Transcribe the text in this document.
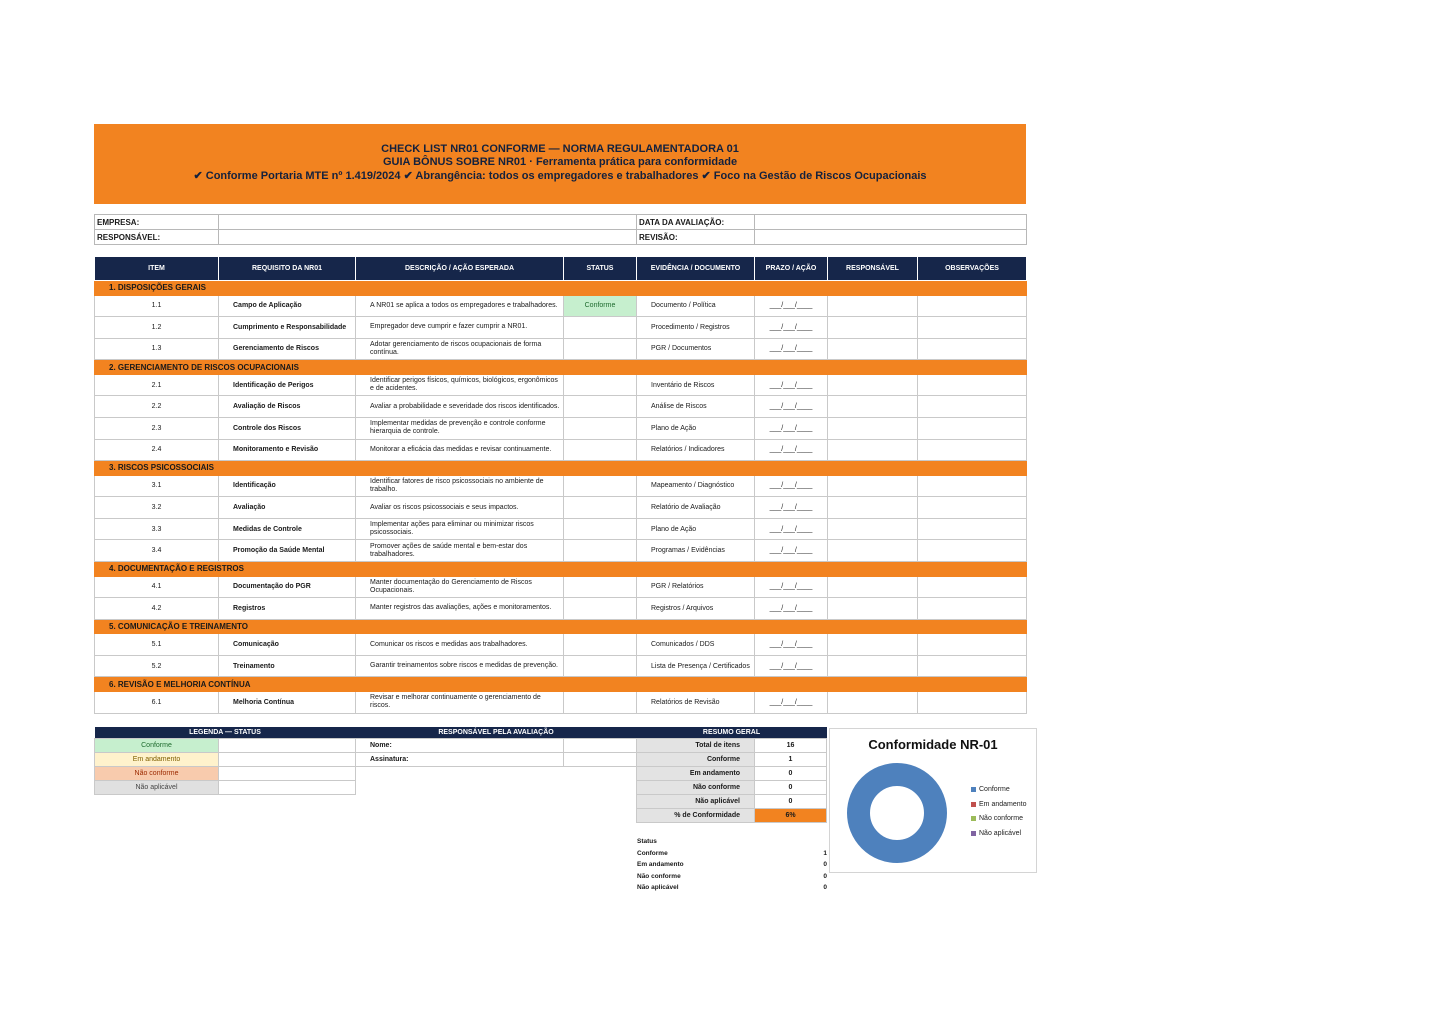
CHECK LIST NR01 CONFORME — NORMA REGULAMENTADORA 01
GUIA BÔNUS SOBRE NR01 · Ferramenta prática para conformidade
✔ Conforme Portaria MTE nº 1.419/2024 ✔ Abrangência: todos os empregadores e trabalhadores ✔ Foco na Gestão de Riscos Ocupacionais
EMPRESA:		DATA DA AVALIAÇÃO:	
RESPONSÁVEL:		REVISÃO:	
ITEM	REQUISITO DA NR01	DESCRIÇÃO / AÇÃO ESPERADA	STATUS	EVIDÊNCIA / DOCUMENTO	PRAZO / AÇÃO	RESPONSÁVEL	OBSERVAÇÕES
1. DISPOSIÇÕES GERAIS							
1.1	Campo de Aplicação	A NR01 se aplica a todos os empregadores e trabalhadores.	Conforme	Documento / Política	___/___/____		
1.2	Cumprimento e Responsabilidade	Empregador deve cumprir e fazer cumprir a NR01.		Procedimento / Registros	___/___/____		
1.3	Gerenciamento de Riscos	Adotar gerenciamento de riscos ocupacionais de forma contínua.		PGR / Documentos	___/___/____		
2. GERENCIAMENTO DE RISCOS OCUPACIONAIS							
2.1	Identificação de Perigos	Identificar perigos físicos, químicos, biológicos, ergonômicos e de acidentes.		Inventário de Riscos	___/___/____		
2.2	Avaliação de Riscos	Avaliar a probabilidade e severidade dos riscos identificados.		Análise de Riscos	___/___/____		
2.3	Controle dos Riscos	Implementar medidas de prevenção e controle conforme hierarquia de controle.		Plano de Ação	___/___/____		
2.4	Monitoramento e Revisão	Monitorar a eficácia das medidas e revisar continuamente.		Relatórios / Indicadores	___/___/____		
3. RISCOS PSICOSSOCIAIS							
3.1	Identificação	Identificar fatores de risco psicossociais no ambiente de trabalho.		Mapeamento / Diagnóstico	___/___/____		
3.2	Avaliação	Avaliar os riscos psicossociais e seus impactos.		Relatório de Avaliação	___/___/____		
3.3	Medidas de Controle	Implementar ações para eliminar ou minimizar riscos psicossociais.		Plano de Ação	___/___/____		
3.4	Promoção da Saúde Mental	Promover ações de saúde mental e bem-estar dos trabalhadores.		Programas / Evidências	___/___/____		
4. DOCUMENTAÇÃO E REGISTROS							
4.1	Documentação do PGR	Manter documentação do Gerenciamento de Riscos Ocupacionais.		PGR / Relatórios	___/___/____		
4.2	Registros	Manter registros das avaliações, ações e monitoramentos.		Registros / Arquivos	___/___/____		
5. COMUNICAÇÃO E TREINAMENTO							
5.1	Comunicação	Comunicar os riscos e medidas aos trabalhadores.		Comunicados / DDS	___/___/____		
5.2	Treinamento	Garantir treinamentos sobre riscos e medidas de prevenção.		Lista de Presença / Certificados	___/___/____		
6. REVISÃO E MELHORIA CONTÍNUA							
6.1	Melhoria Contínua	Revisar e melhorar continuamente o gerenciamento de riscos.		Relatórios de Revisão	___/___/____		
LEGENDA — STATUS	
Conforme	
Em andamento	
Não conforme	
Não aplicável	
RESPONSÁVEL PELA AVALIAÇÃO	
Nome:	
Assinatura:	
RESUMO GERAL	
Total de itens	16
Conforme	1
Em andamento	0
Não conforme	0
Não aplicável	0
% de Conformidade	6%
Status
Conforme	1
Em andamento	0
Não conforme	0
Não aplicável	0
Conformidade NR-01
Conforme
Em andamento
Não conforme
Não aplicável
